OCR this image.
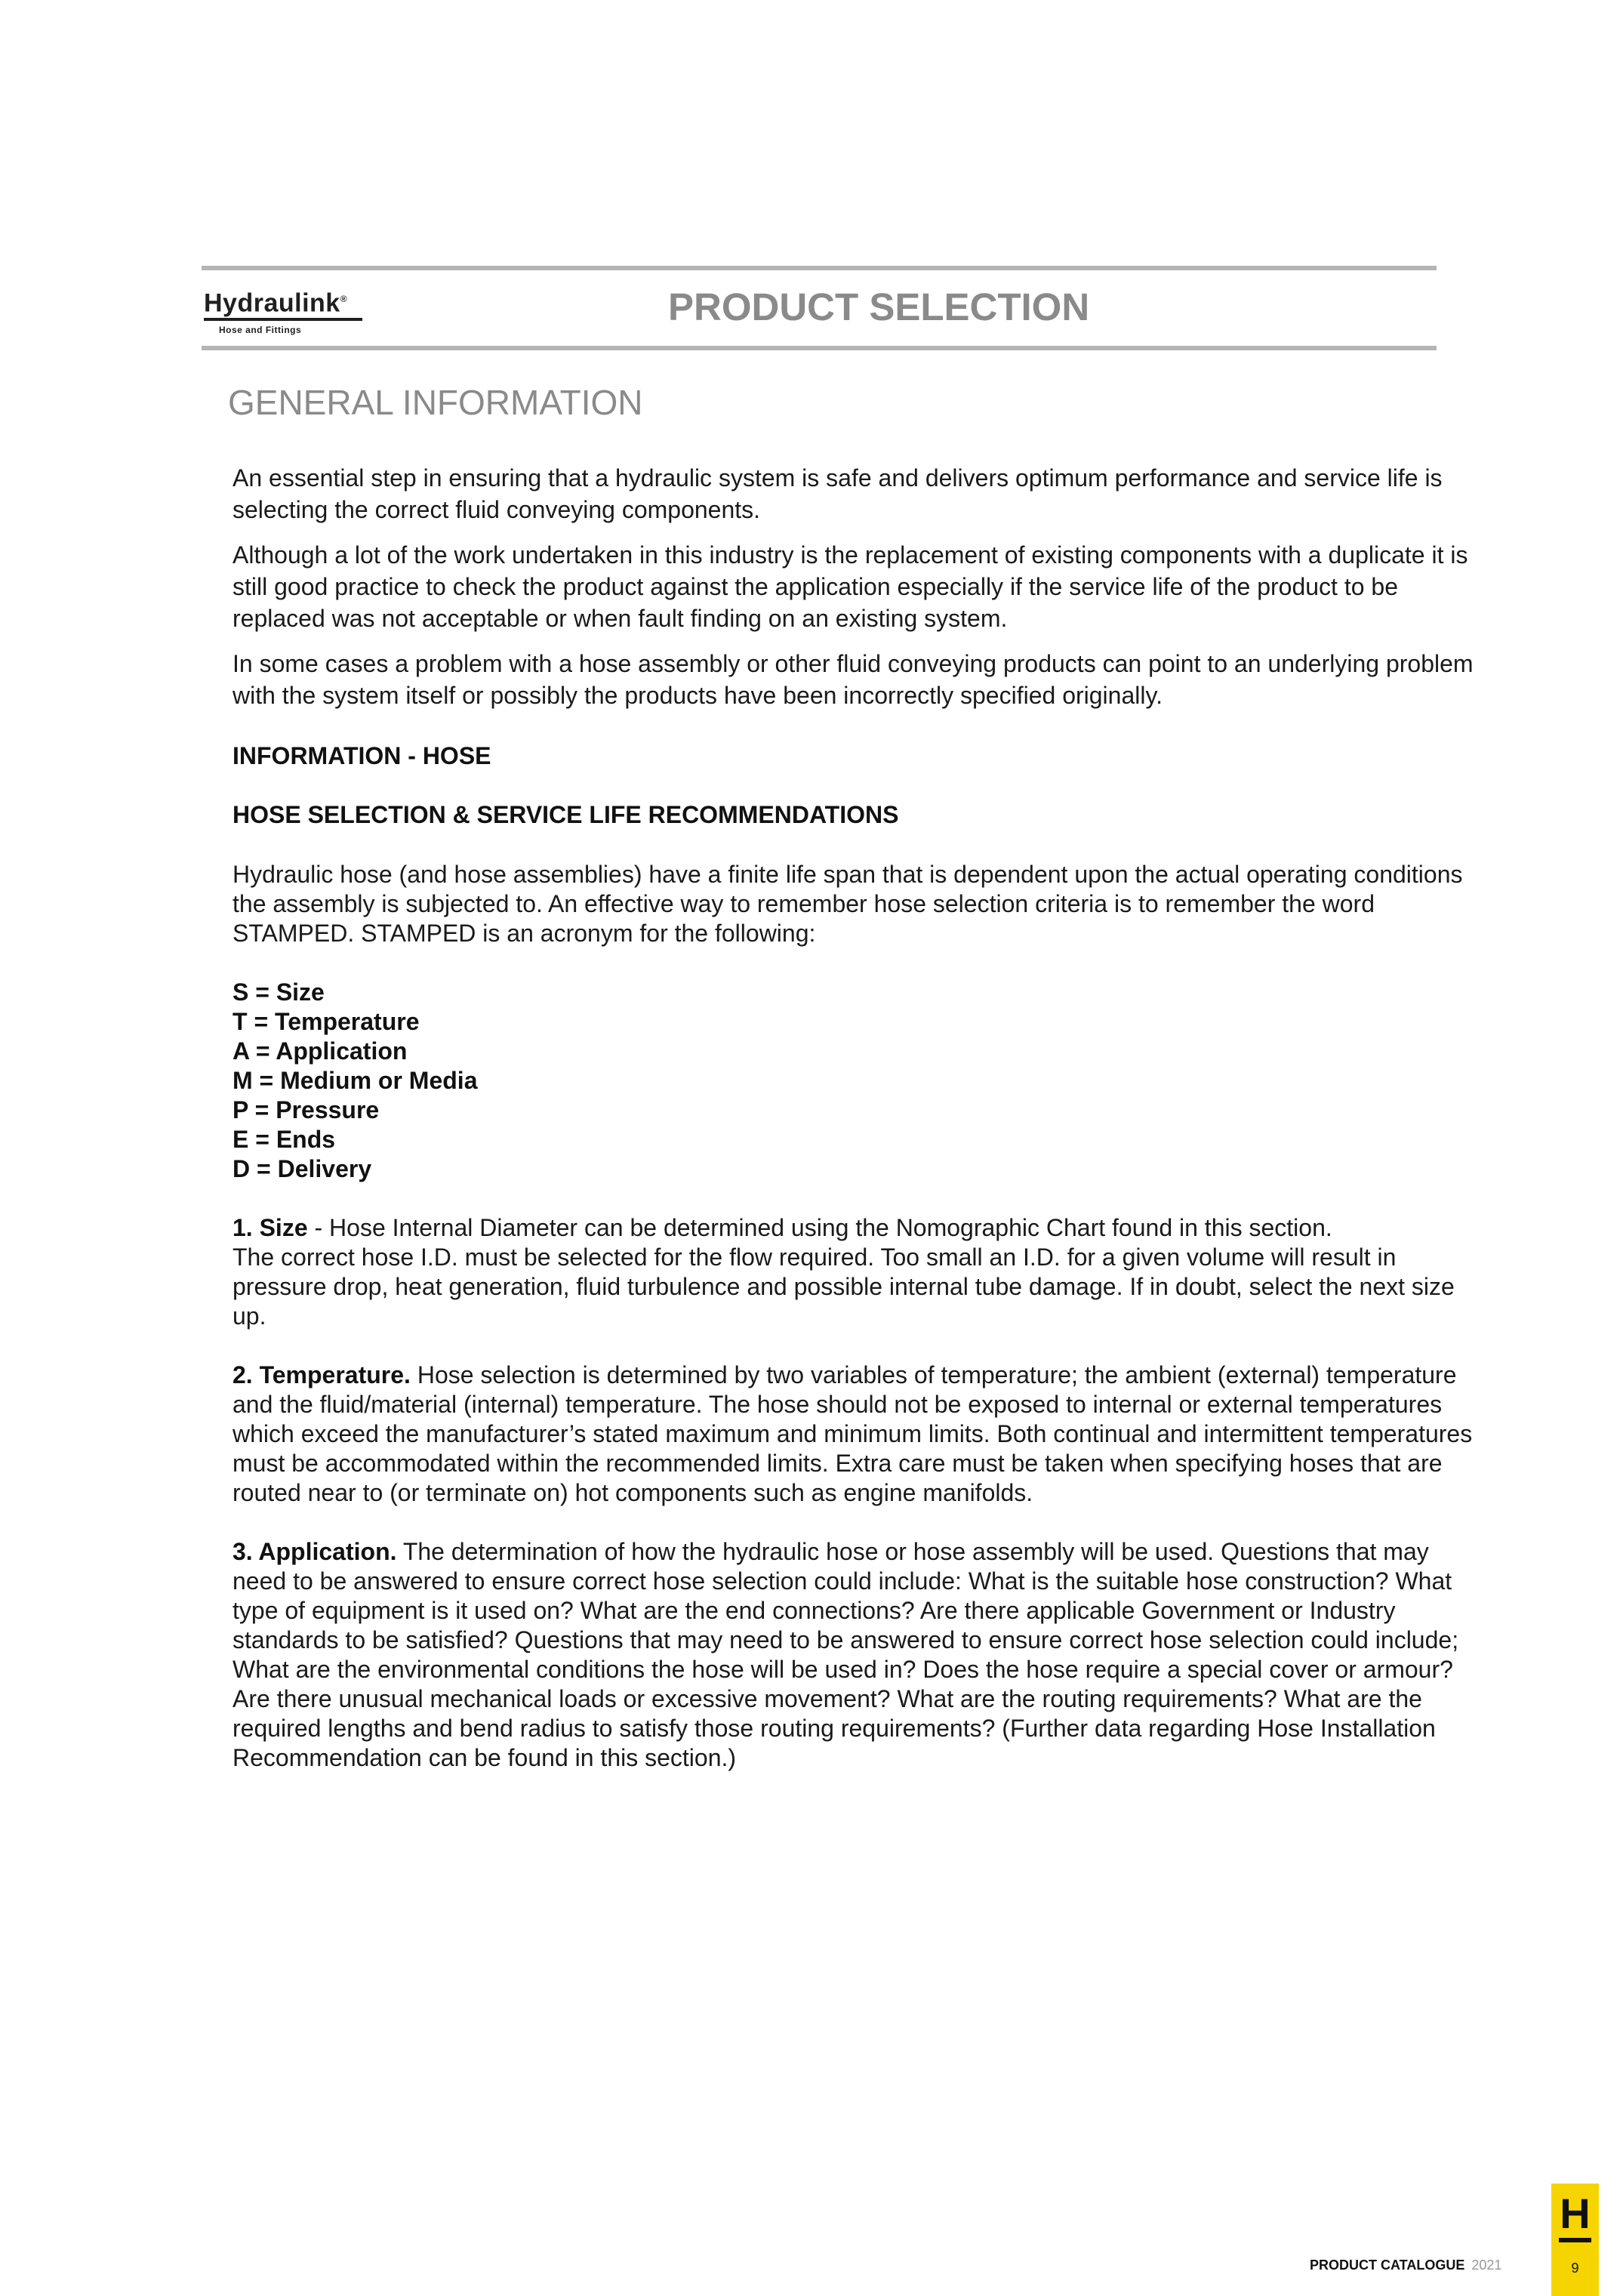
Hydraulink®
Hose and Fittings
PRODUCT SELECTION
GENERAL INFORMATION

An essential step in ensuring that a hydraulic system is safe and delivers optimum performance and service life is selecting the correct fluid conveying components.

Although a lot of the work undertaken in this industry is the replacement of existing components with a duplicate it is still good practice to check the product against the application especially if the service life of the product to be replaced was not acceptable or when fault finding on an existing system.

In some cases a problem with a hose assembly or other fluid conveying products can point to an underlying problem with the system itself or possibly the products have been incorrectly specified originally.

INFORMATION - HOSE
HOSE SELECTION & SERVICE LIFE RECOMMENDATIONS

Hydraulic hose (and hose assemblies) have a finite life span that is dependent upon the actual operating conditions the assembly is subjected to. An effective way to remember hose selection criteria is to remember the word STAMPED. STAMPED is an acronym for the following:

S = Size
T = Temperature
A = Application
M = Medium or Media
P = Pressure
E = Ends
D = Delivery

1. Size - Hose Internal Diameter can be determined using the Nomographic Chart found in this section.

The correct hose I.D. must be selected for the flow required. Too small an I.D. for a given volume will result in pressure drop, heat generation, fluid turbulence and possible internal tube damage. If in doubt, select the next size up.

2. Temperature. Hose selection is determined by two variables of temperature; the ambient (external) temperature and the fluid/material (internal) temperature. The hose should not be exposed to internal or external temperatures which exceed the manufacturer’s stated maximum and minimum limits. Both continual and intermittent temperatures must be accommodated within the recommended limits. Extra care must be taken when specifying hoses that are routed near to (or terminate on) hot components such as engine manifolds.

3. Application. The determination of how the hydraulic hose or hose assembly will be used. Questions that may need to be answered to ensure correct hose selection could include: What is the suitable hose construction? What type of equipment is it used on? What are the end connections? Are there applicable Government or Industry standards to be satisfied? Questions that may need to be answered to ensure correct hose selection could include; What are the environmental conditions the hose will be used in? Does the hose require a special cover or armour? Are there unusual mechanical loads or excessive movement? What are the routing requirements? What are the required lengths and bend radius to satisfy those routing requirements? (Further data regarding Hose Installation Recommendation can be found in this section.)

PRODUCT CATALOGUE 2021
H
9
